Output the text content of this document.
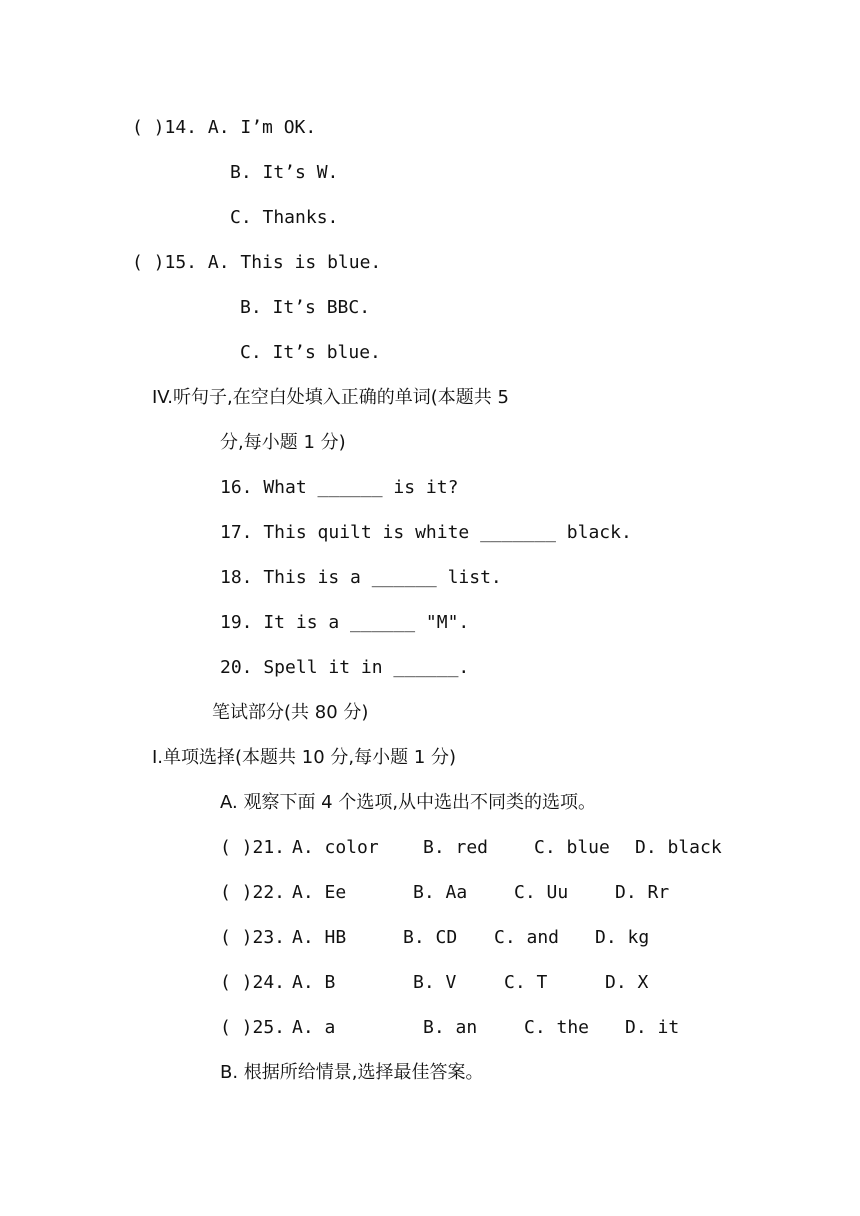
( )14. A. I’m OK.
B. It’s W.
C. Thanks.
( )15. A. This is blue.
B. It’s BBC.
C. It’s blue.
IV.听句子,在空白处填入正确的单词(本题共 5
分,每小题 1 分)
16. What ______ is it?
17. This quilt is white _______ black.
18. This is a ______ list.
19. It is a ______ "M".
20. Spell it in ______.
笔试部分(共 80 分)
I.单项选择(本题共 10 分,每小题 1 分)
A. 观察下面 4 个选项,从中选出不同类的选项。
( )21. A. color B. red	C. blue D. black
( )22. A. Ee	B. Aa	C. Uu	D. Rr
( )23. A. HB	B. CD C. and D. kg
( )24. A. B	B. V	C. T	D. X
( )25. A. a	B. an	C. the D. it
B. 根据所给情景,选择最佳答案。
